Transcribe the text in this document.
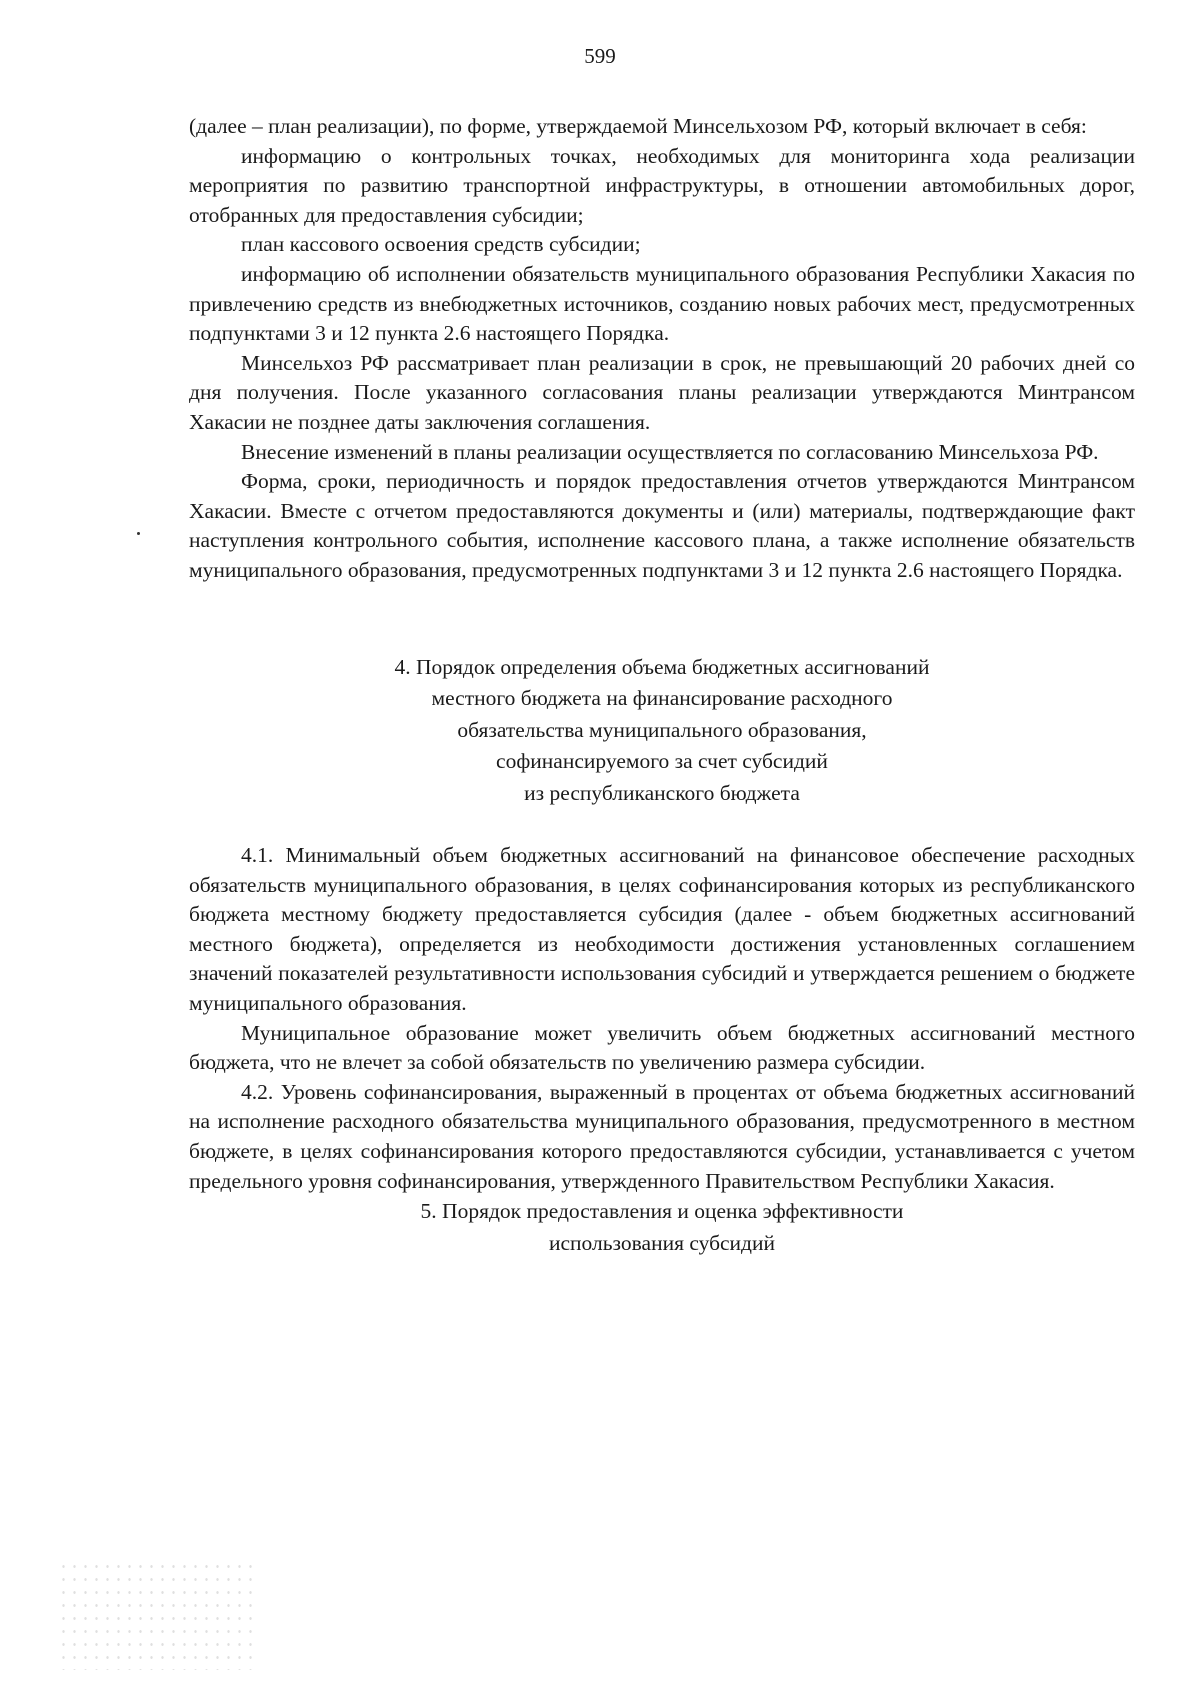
599

(далее – план реализации), по форме, утверждаемой Минсельхозом РФ, который включает в себя:

информацию о контрольных точках, необходимых для мониторинга хода реализации мероприятия по развитию транспортной инфраструктуры, в отношении автомобильных дорог, отобранных для предоставления субсидии;

план кассового освоения средств субсидии;

информацию об исполнении обязательств муниципального образования Республики Хакасия по привлечению средств из внебюджетных источников, созданию новых рабочих мест, предусмотренных подпунктами 3 и 12 пункта 2.6 настоящего Порядка.

Минсельхоз РФ рассматривает план реализации в срок, не превышающий 20 рабочих дней со дня получения. После указанного согласования планы реализации утверждаются Минтрансом Хакасии не позднее даты заключения соглашения.

Внесение изменений в планы реализации осуществляется по согласованию Минсельхоза РФ.

Форма, сроки, периодичность и порядок предоставления отчетов утверждаются Минтрансом Хакасии. Вместе с отчетом предоставляются документы и (или) материалы, подтверждающие факт наступления контрольного события, исполнение кассового плана, а также исполнение обязательств муниципального образования, предусмотренных подпунктами 3 и 12 пункта 2.6 настоящего Порядка.

4. Порядок определения объема бюджетных ассигнований
местного бюджета на финансирование расходного
обязательства муниципального образования,
софинансируемого за счет субсидий
из республиканского бюджета

4.1. Минимальный объем бюджетных ассигнований на финансовое обеспечение расходных обязательств муниципального образования, в целях софинансирования которых из республиканского бюджета местному бюджету предоставляется субсидия (далее - объем бюджетных ассигнований местного бюджета), определяется из необходимости достижения установленных соглашением значений показателей результативности использования субсидий и утверждается решением о бюджете муниципального образования.

Муниципальное образование может увеличить объем бюджетных ассигнований местного бюджета, что не влечет за собой обязательств по увеличению размера субсидии.

4.2. Уровень софинансирования, выраженный в процентах от объема бюджетных ассигнований на исполнение расходного обязательства муниципального образования, предусмотренного в местном бюджете, в целях софинансирования которого предоставляются субсидии, устанавливается с учетом предельного уровня софинансирования, утвержденного Правительством Республики Хакасия.

5. Порядок предоставления и оценка эффективности
использования субсидий
